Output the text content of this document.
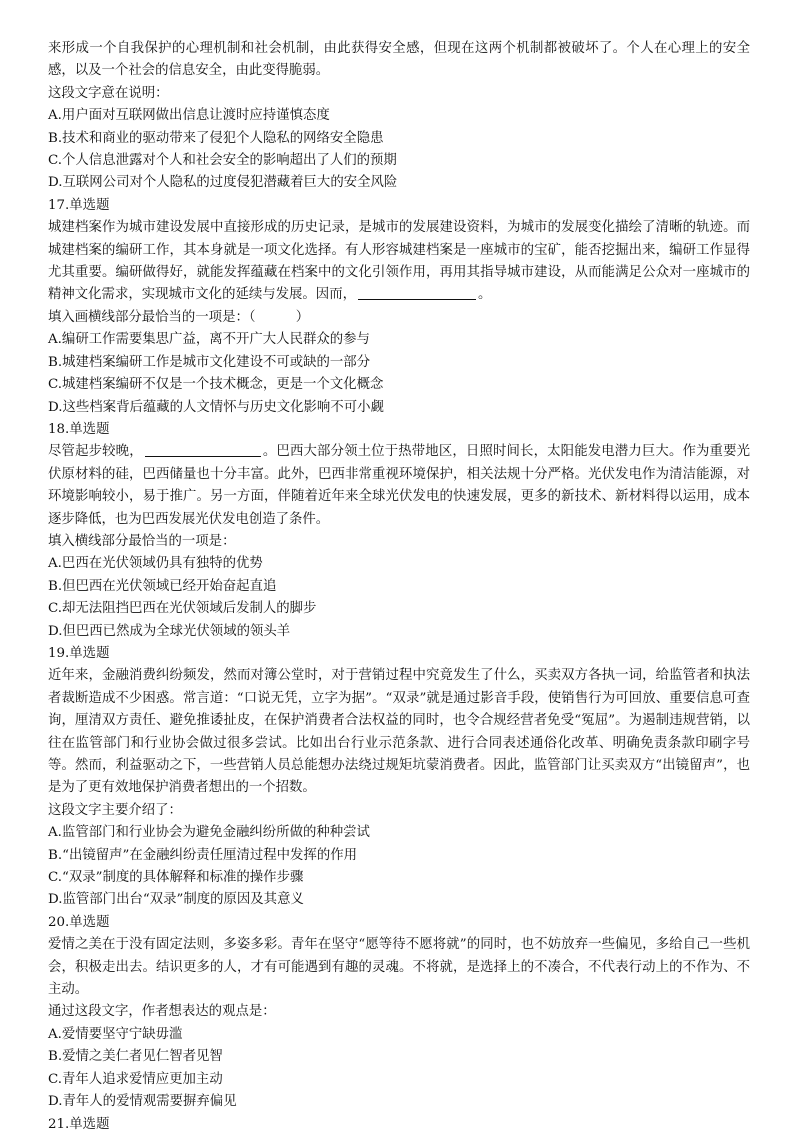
来形成一个自我保护的心理机制和社会机制，由此获得安全感，但现在这两个机制都被破坏了。个人在心理上的安全感，以及一个社会的信息安全，由此变得脆弱。

这段文字意在说明：

A.用户面对互联网做出信息让渡时应持谨慎态度

B.技术和商业的驱动带来了侵犯个人隐私的网络安全隐患

C.个人信息泄露对个人和社会安全的影响超出了人们的预期

D.互联网公司对个人隐私的过度侵犯潜藏着巨大的安全风险

17.单选题

城建档案作为城市建设发展中直接形成的历史记录，是城市的发展建设资料，为城市的发展变化描绘了清晰的轨迹。而城建档案的编研工作，其本身就是一项文化选择。有人形容城建档案是一座城市的宝矿，能否挖掘出来，编研工作显得尤其重要。编研做得好，就能发挥蕴藏在档案中的文化引领作用，再用其指导城市建设，从而能满足公众对一座城市的精神文化需求，实现城市文化的延续与发展。因而，	。

填入画横线部分最恰当的一项是：（　　　）

A.编研工作需要集思广益，离不开广大人民群众的参与

B.城建档案编研工作是城市文化建设不可或缺的一部分

C.城建档案编研不仅是一个技术概念，更是一个文化概念

D.这些档案背后蕴藏的人文情怀与历史文化影响不可小觑

18.单选题

尽管起步较晚，	。巴西大部分领土位于热带地区，日照时间长，太阳能发电潜力巨大。作为重要光伏原材料的硅，巴西储量也十分丰富。此外，巴西非常重视环境保护，相关法规十分严格。光伏发电作为清洁能源，对环境影响较小，易于推广。另一方面，伴随着近年来全球光伏发电的快速发展，更多的新技术、新材料得以运用，成本逐步降低，也为巴西发展光伏发电创造了条件。

填入横线部分最恰当的一项是：

A.巴西在光伏领域仍具有独特的优势

B.但巴西在光伏领域已经开始奋起直追

C.却无法阻挡巴西在光伏领域后发制人的脚步

D.但巴西已然成为全球光伏领域的领头羊

19.单选题

近年来，金融消费纠纷频发，然而对簿公堂时，对于营销过程中究竟发生了什么，买卖双方各执一词，给监管者和执法者裁断造成不少困惑。常言道：“口说无凭，立字为据”。“双录”就是通过影音手段，使销售行为可回放、重要信息可查询，厘清双方责任、避免推诿扯皮，在保护消费者合法权益的同时，也令合规经营者免受“冤屈”。为遏制违规营销，以往在监管部门和行业协会做过很多尝试。比如出台行业示范条款、进行合同表述通俗化改革、明确免责条款印刷字号等。然而，利益驱动之下，一些营销人员总能想办法绕过规矩坑蒙消费者。因此，监管部门让买卖双方“出镜留声”，也是为了更有效地保护消费者想出的一个招数。

这段文字主要介绍了：

A.监管部门和行业协会为避免金融纠纷所做的种种尝试

B.“出镜留声”在金融纠纷责任厘清过程中发挥的作用

C.“双录”制度的具体解释和标准的操作步骤

D.监管部门出台“双录”制度的原因及其意义

20.单选题

爱情之美在于没有固定法则，多姿多彩。青年在坚守“愿等待不愿将就”的同时，也不妨放弃一些偏见，多给自己一些机会，积极走出去。结识更多的人，才有可能遇到有趣的灵魂。不将就，是选择上的不凑合，不代表行动上的不作为、不主动。

通过这段文字，作者想表达的观点是：

A.爱情要坚守宁缺毋滥

B.爱情之美仁者见仁智者见智

C.青年人追求爱情应更加主动

D.青年人的爱情观需要摒弃偏见

21.单选题
